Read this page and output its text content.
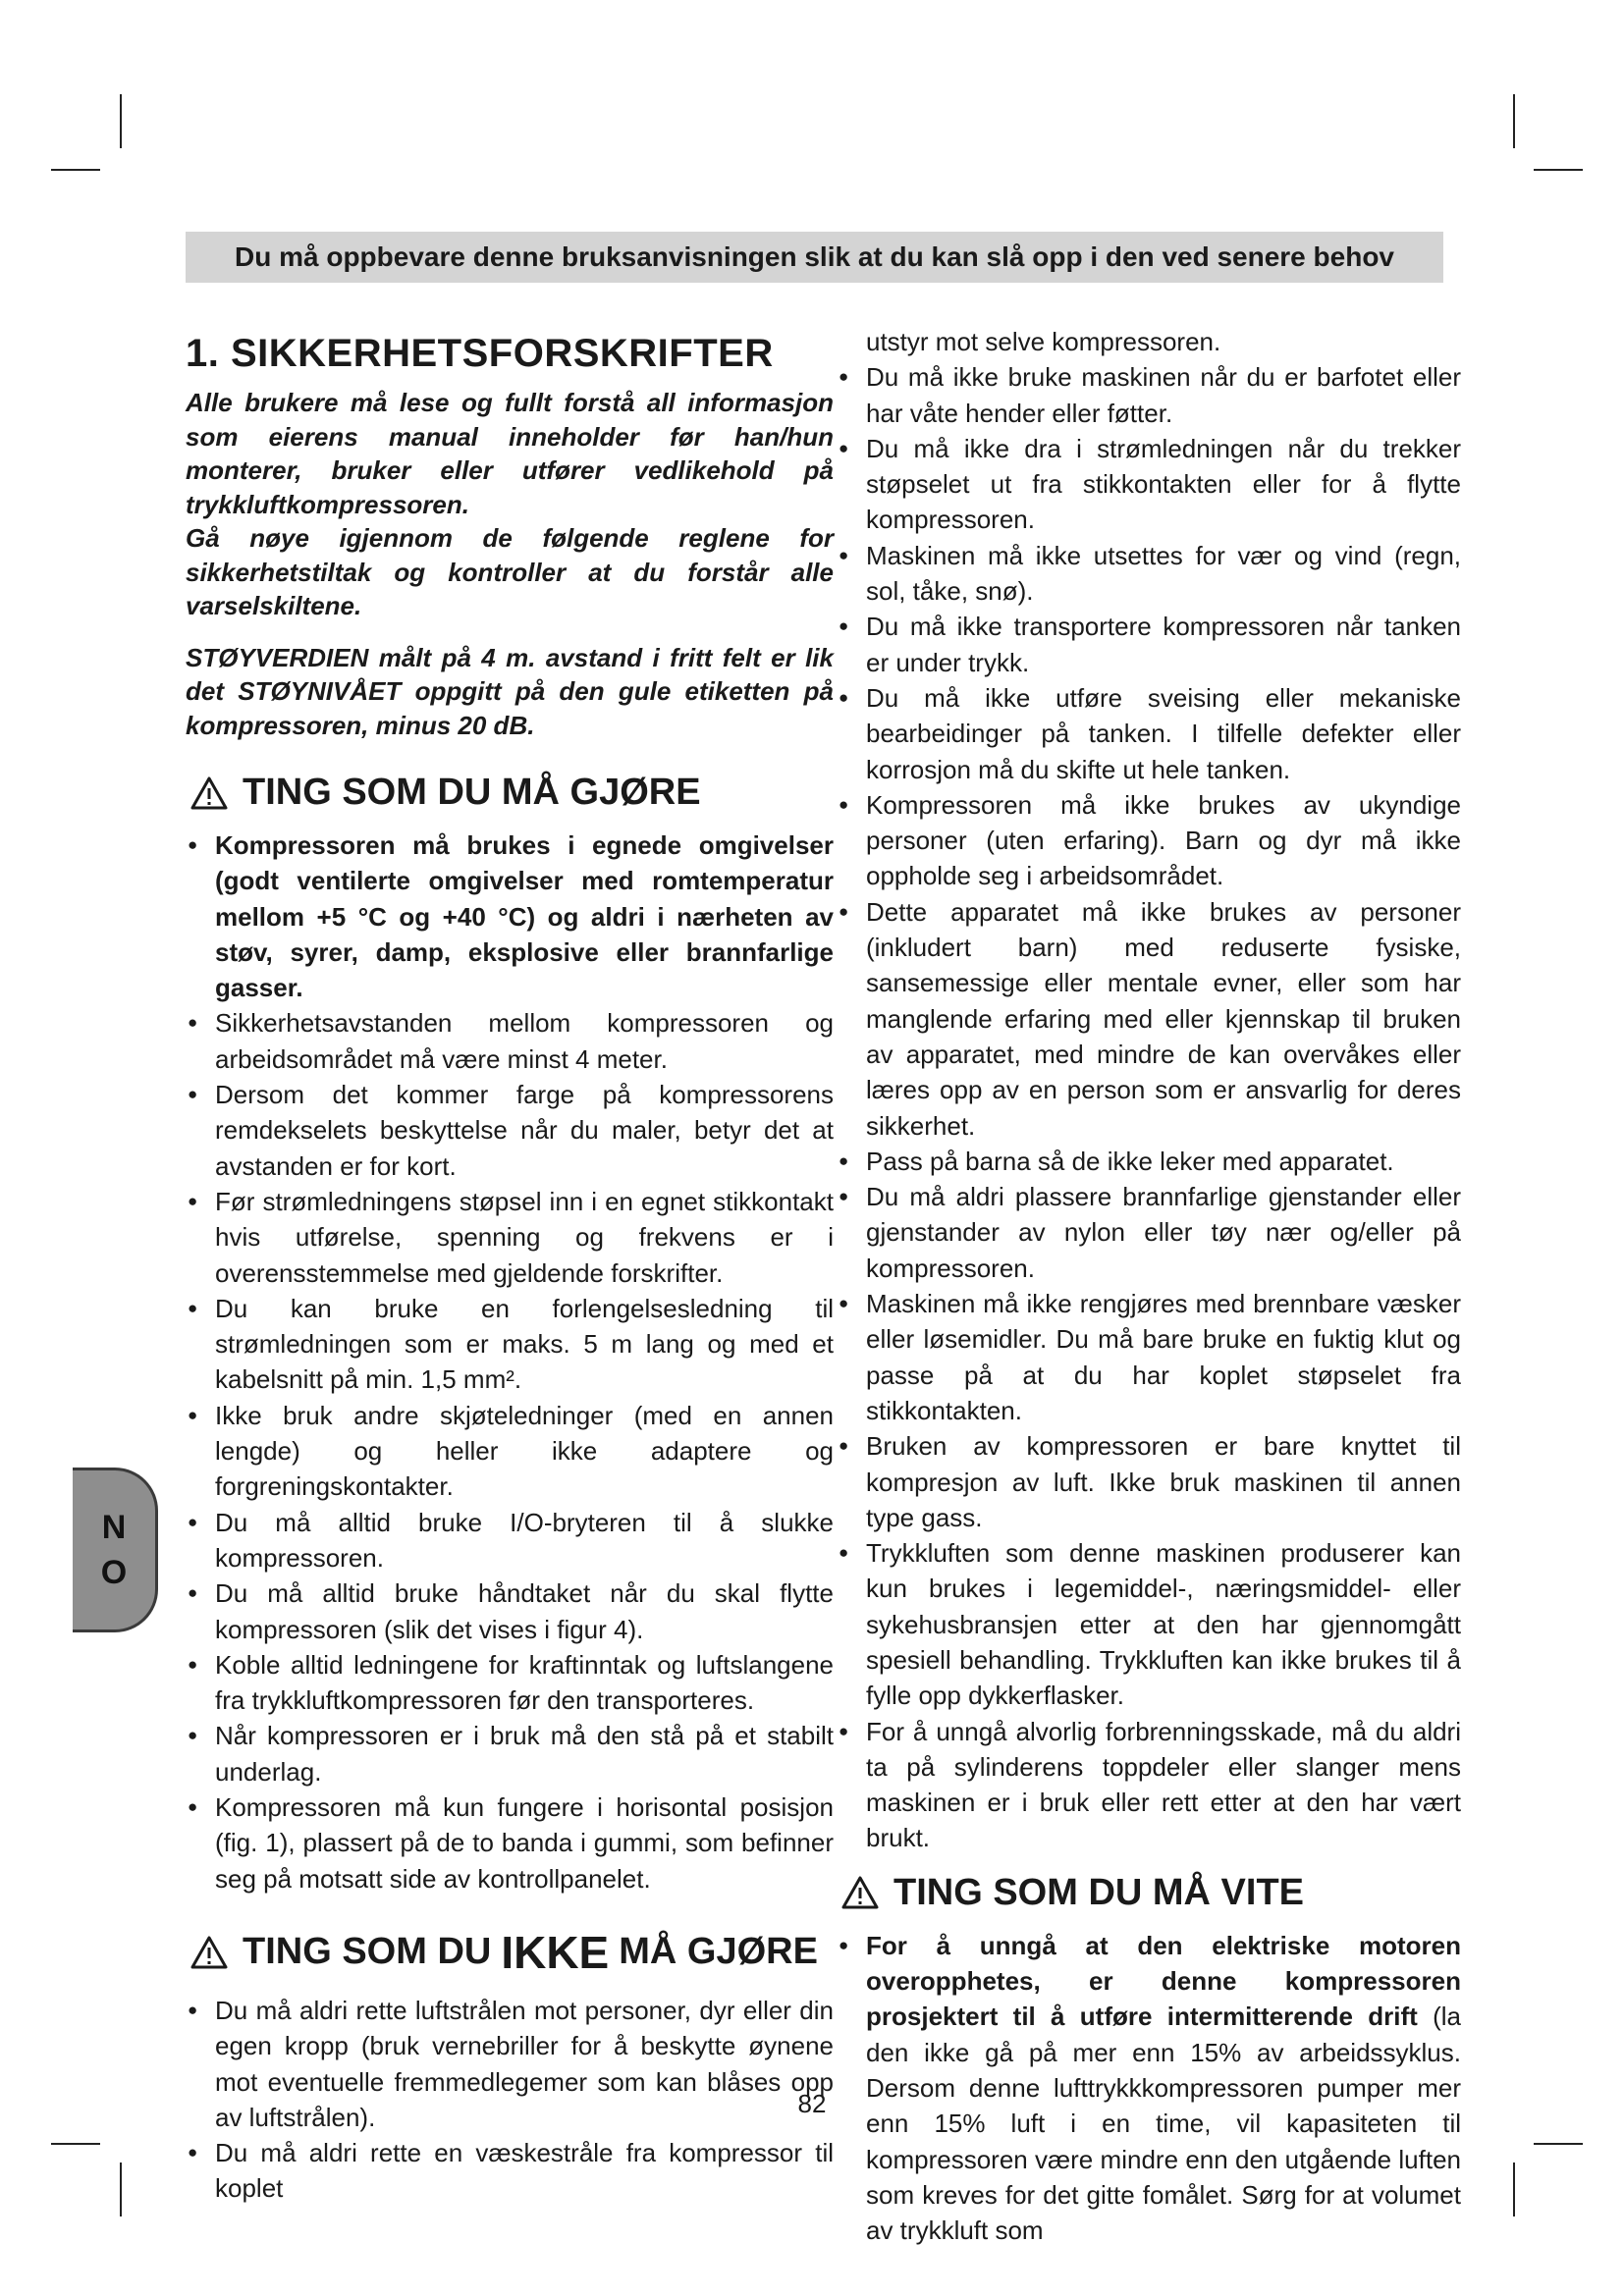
Du må oppbevare denne bruksanvisningen slik at du kan slå opp i den ved senere behov
1. SIKKERHETSFORSKRIFTER

Alle brukere må lese og fullt forstå all informasjon som eierens manual inneholder før han/hun monterer, bruker eller utfører vedlikehold på trykkluftkompressoren.

Gå nøye igjennom de følgende reglene for sikkerhetstiltak og kontroller at du forstår alle varselskiltene.

STØYVERDIEN målt på 4 m. avstand i fritt felt er lik det STØYNIVÅET oppgitt på den gule etiketten på kompressoren, minus 20 dB.

TING SOM DU MÅ GJØRE
● Kompressoren må brukes i egnede omgivelser (godt ventilerte omgivelser med romtemperatur mellom +5 °C og +40 °C) og aldri i nærheten av støv, syrer, damp, eksplosive eller brannfarlige gasser.
● Sikkerhetsavstanden mellom kompressoren og arbeidsområdet må være minst 4 meter.
● Dersom det kommer farge på kompressorens remdekselets beskyttelse når du maler, betyr det at avstanden er for kort.
● Før strømledningens støpsel inn i en egnet stikkontakt hvis utførelse, spenning og frekvens er i overensstemmelse med gjeldende forskrifter.
● Du kan bruke en forlengelsesledning til strømledningen som er maks. 5 m lang og med et kabelsnitt på min. 1,5 mm².
● Ikke bruk andre skjøteledninger (med en annen lengde) og heller ikke adaptere og forgreningskontakter.
● Du må alltid bruke I/O-bryteren til å slukke kompressoren.
● Du må alltid bruke håndtaket når du skal flytte kompressoren (slik det vises i figur 4).
● Koble alltid ledningene for kraftinntak og luftslangene fra trykkluftkompressoren før den transporteres.
● Når kompressoren er i bruk må den stå på et stabilt underlag.
● Kompressoren må kun fungere i horisontal posisjon (fig. 1), plassert på de to banda i gummi, som befinner seg på motsatt side av kontrollpanelet.
TING SOM DU IKKE MÅ GJØRE
● Du må aldri rette luftstrålen mot personer, dyr eller din egen kropp (bruk vernebriller for å beskytte øynene mot eventuelle fremmedlegemer som kan blåses opp av luftstrålen).
● Du må aldri rette en væskestråle fra kompressor til koplet
utstyr mot selve kompressoren.
● Du må ikke bruke maskinen når du er barfotet eller har våte hender eller føtter.
● Du må ikke dra i strømledningen når du trekker støpselet ut fra stikkontakten eller for å flytte kompressoren.
● Maskinen må ikke utsettes for vær og vind (regn, sol, tåke, snø).
● Du må ikke transportere kompressoren når tanken er under trykk.
● Du må ikke utføre sveising eller mekaniske bearbeidinger på tanken. I tilfelle defekter eller korrosjon må du skifte ut hele tanken.
● Kompressoren må ikke brukes av ukyndige personer (uten erfaring). Barn og dyr må ikke oppholde seg i arbeidsområdet.
● Dette apparatet må ikke brukes av personer (inkludert barn) med reduserte fysiske, sansemessige eller mentale evner, eller som har manglende erfaring med eller kjennskap til bruken av apparatet, med mindre de kan overvåkes eller læres opp av en person som er ansvarlig for deres sikkerhet.
● Pass på barna så de ikke leker med apparatet.
● Du må aldri plassere brannfarlige gjenstander eller gjenstander av nylon eller tøy nær og/eller på kompressoren.
● Maskinen må ikke rengjøres med brennbare væsker eller løsemidler. Du må bare bruke en fuktig klut og passe på at du har koplet støpselet fra stikkontakten.
● Bruken av kompressoren er bare knyttet til kompresjon av luft. Ikke bruk maskinen til annen type gass.
● Trykkluften som denne maskinen produserer kan kun brukes i legemiddel-, næringsmiddel- eller sykehusbransjen etter at den har gjennomgått spesiell behandling. Trykkluften kan ikke brukes til å fylle opp dykkerflasker.
● For å unngå alvorlig forbrenningsskade, må du aldri ta på sylinderens toppdeler eller slanger mens maskinen er i bruk eller rett etter at den har vært brukt.
TING SOM DU MÅ VITE
● For å unngå at den elektriske motoren overopphetes, er denne kompressoren prosjektert til å utføre intermitterende drift (la den ikke gå på mer enn 15% av arbeidssyklus. Dersom denne lufttrykkkompressoren pumper mer enn 15% luft i en time, vil kapasiteten til kompressoren være mindre enn den utgående luften som kreves for det gitte fomålet. Sørg for at volumet av trykkluft som
N
O
82
